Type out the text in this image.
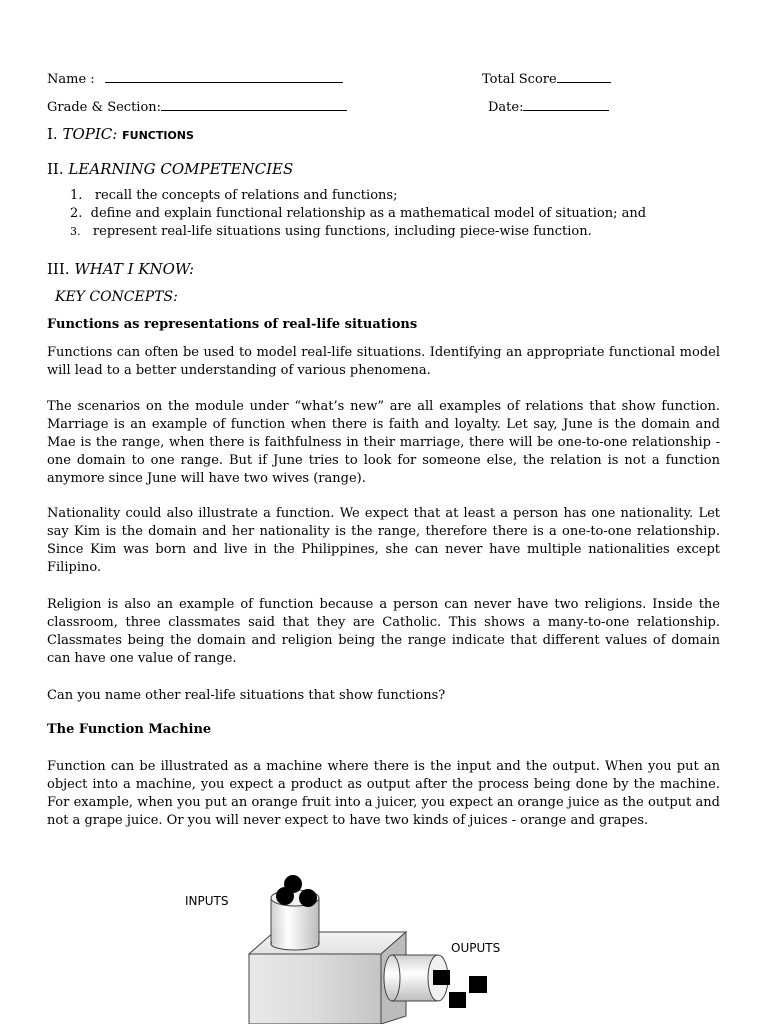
Name :	Total Score
Grade & Section:	Date:
I. TOPIC: FUNCTIONS
II. LEARNING COMPETENCIES
1. recall the concepts of relations and functions;
2. define and explain functional relationship as a mathematical model of situation; and
3. represent real-life situations using functions, including piece-wise function.
III. WHAT I KNOW:
KEY CONCEPTS:
Functions as representations of real-life situations
Functions can often be used to model real-life situations. Identifying an appropriate functional model will lead to a better understanding of various phenomena.
The scenarios on the module under “what’s new” are all examples of relations that show function. Marriage is an example of function when there is faith and loyalty. Let say, June is the domain and Mae is the range, when there is faithfulness in their marriage, there will be one-to-one relationship - one domain to one range. But if June tries to look for someone else, the relation is not a function anymore since June will have two wives (range).
Nationality could also illustrate a function. We expect that at least a person has one nationality. Let say Kim is the domain and her nationality is the range, therefore there is a one-to-one relationship. Since Kim was born and live in the Philippines, she can never have multiple nationalities except Filipino.
Religion is also an example of function because a person can never have two religions. Inside the classroom, three classmates said that they are Catholic. This shows a many-to-one relationship. Classmates being the domain and religion being the range indicate that different values of domain can have one value of range.
Can you name other real-life situations that show functions?
The Function Machine
Function can be illustrated as a machine where there is the input and the output. When you put an object into a machine, you expect a product as output after the process being done by the machine. For example, when you put an orange fruit into a juicer, you expect an orange juice as the output and not a grape juice. Or you will never expect to have two kinds of juices - orange and grapes.
INPUTS
OUPUTS
